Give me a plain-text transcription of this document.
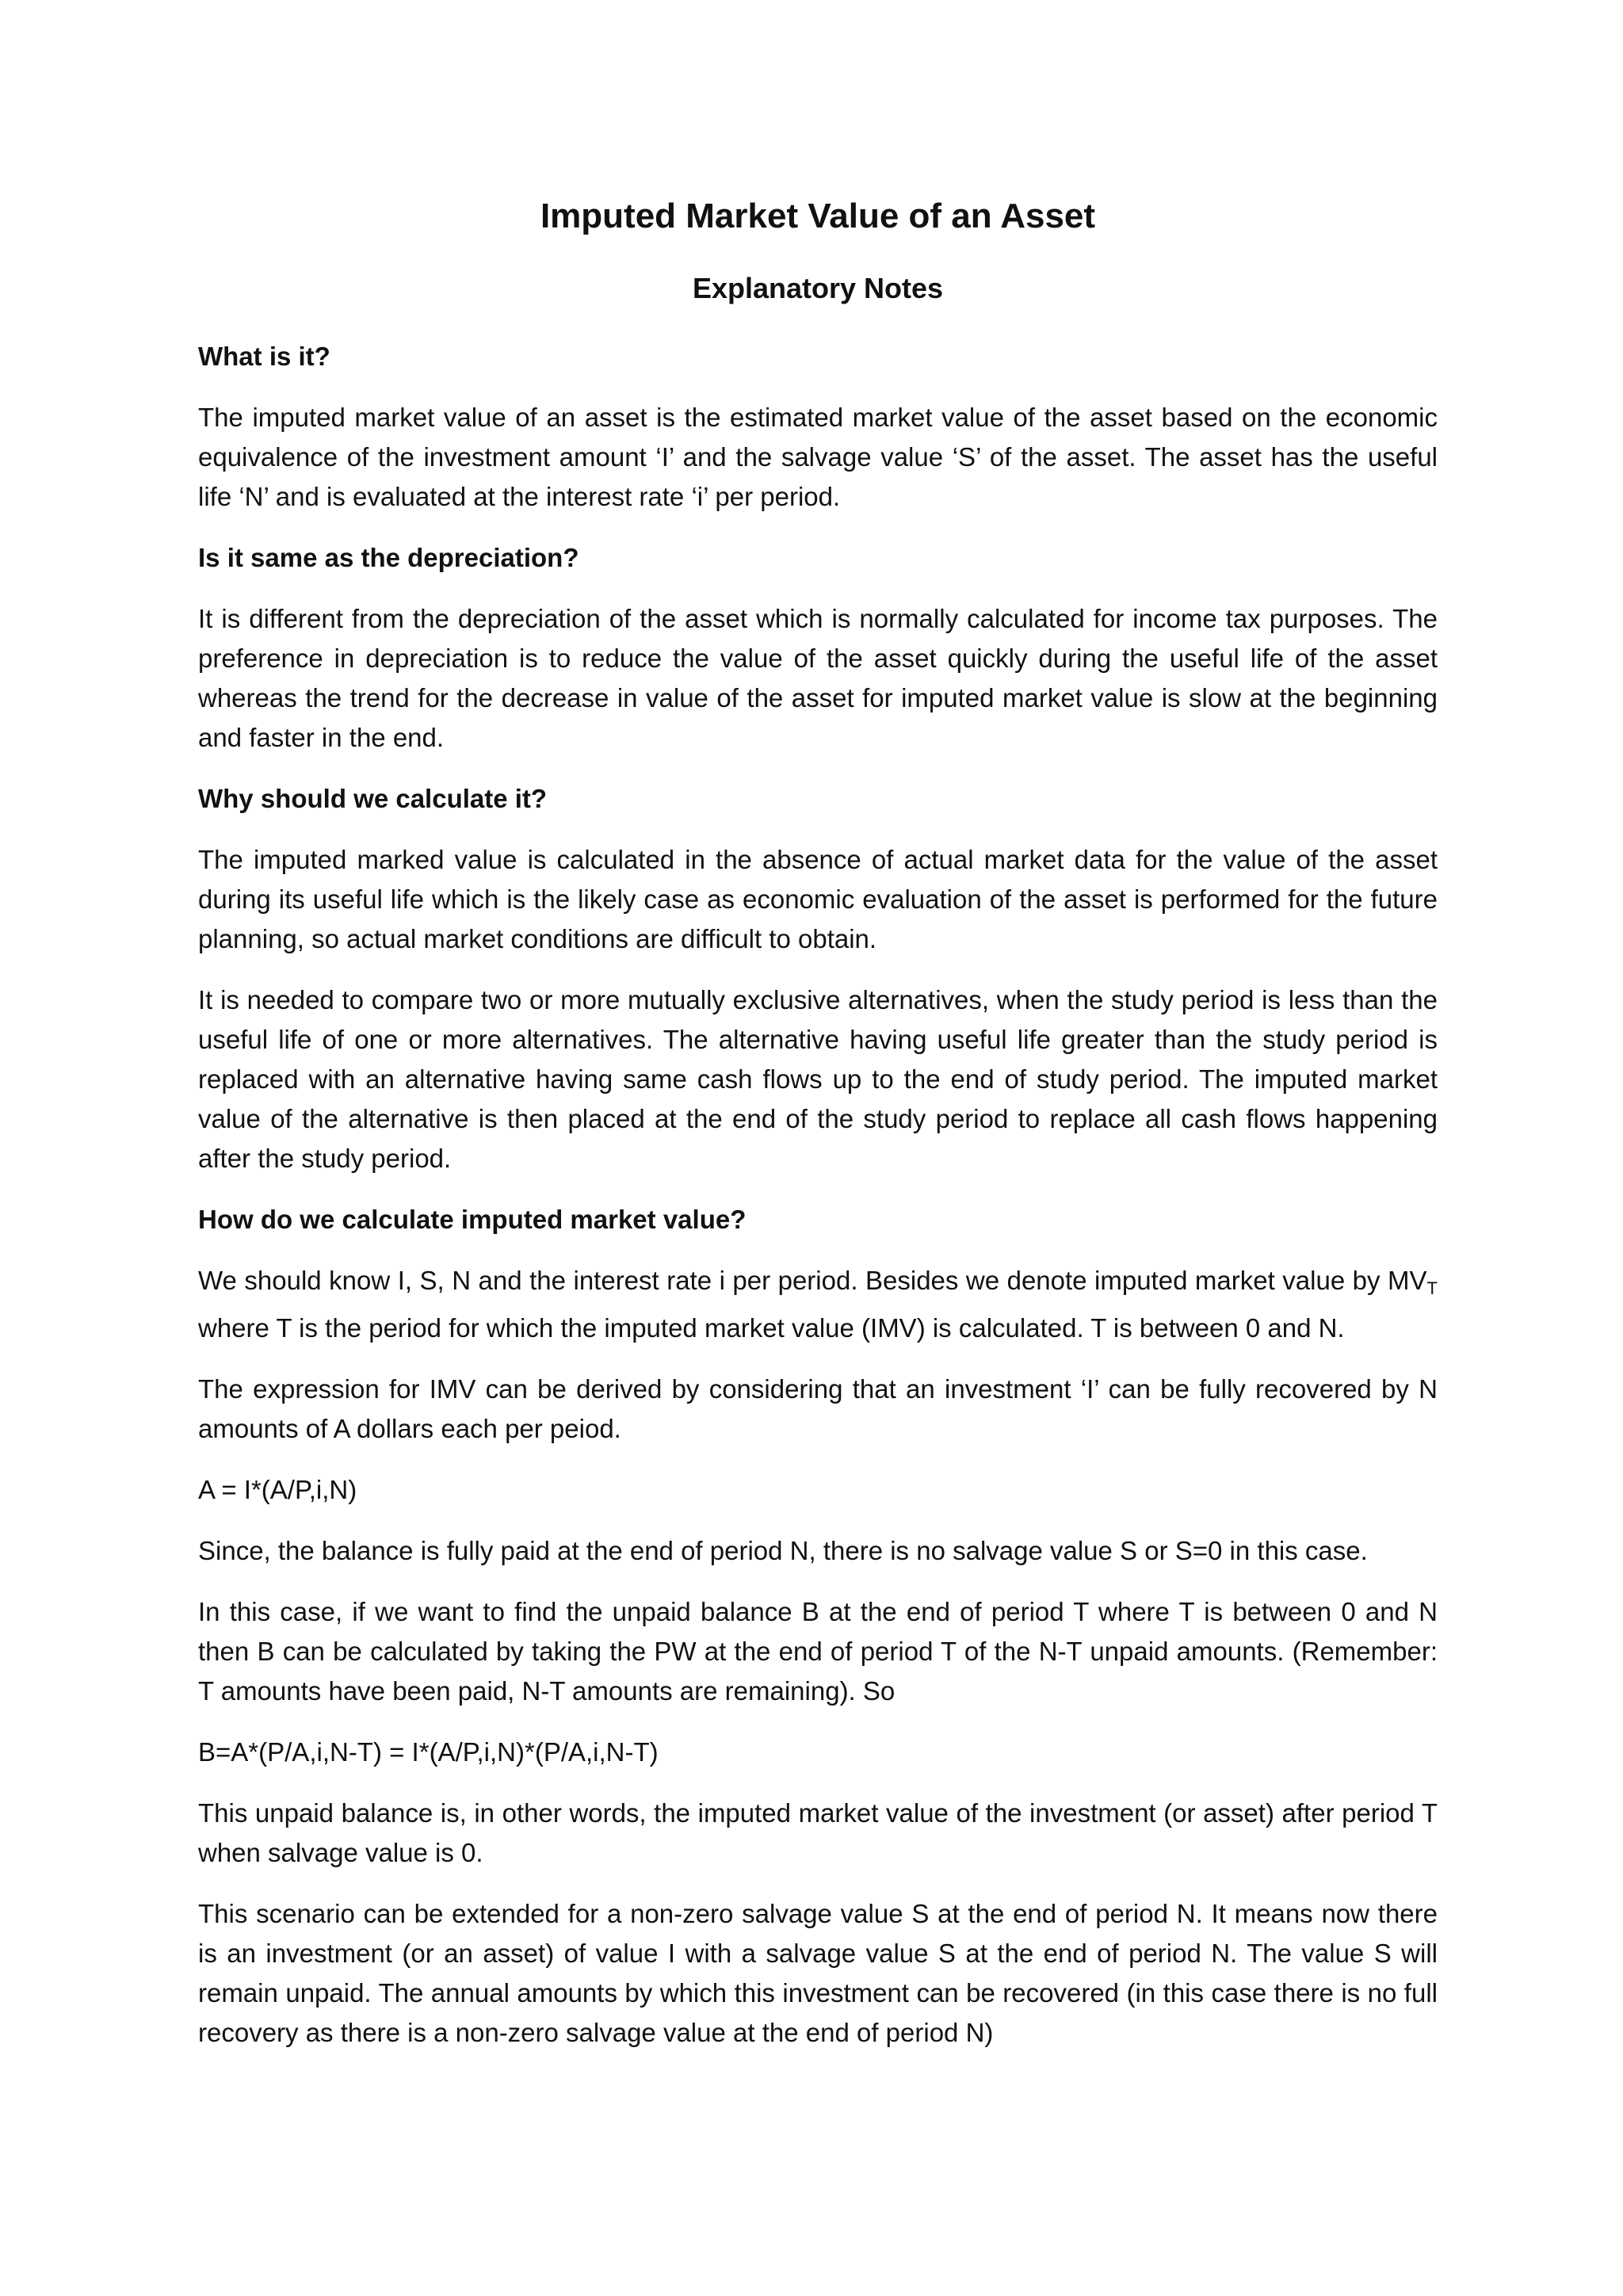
Imputed Market Value of an Asset
Explanatory Notes

What is it?

The imputed market value of an asset is the estimated market value of the asset based on the economic equivalence of the investment amount ‘I’ and the salvage value ‘S’ of the asset. The asset has the useful life ‘N’ and is evaluated at the interest rate ‘i’ per period.

Is it same as the depreciation?

It is different from the depreciation of the asset which is normally calculated for income tax purposes. The preference in depreciation is to reduce the value of the asset quickly during the useful life of the asset whereas the trend for the decrease in value of the asset for imputed market value is slow at the beginning and faster in the end.

Why should we calculate it?

The imputed marked value is calculated in the absence of actual market data for the value of the asset during its useful life which is the likely case as economic evaluation of the asset is performed for the future planning, so actual market conditions are difficult to obtain.

It is needed to compare two or more mutually exclusive alternatives, when the study period is less than the useful life of one or more alternatives. The alternative having useful life greater than the study period is replaced with an alternative having same cash flows up to the end of study period. The imputed market value of the alternative is then placed at the end of the study period to replace all cash flows happening after the study period.

How do we calculate imputed market value?

We should know I, S, N and the interest rate i per period. Besides we denote imputed market value by $MV_T$ where T is the period for which the imputed market value (IMV) is calculated. T is between 0 and N.

The expression for IMV can be derived by considering that an investment ‘I’ can be fully recovered by N amounts of A dollars each per peiod.

A = I*(A/P,i,N)

Since, the balance is fully paid at the end of period N, there is no salvage value S or S=0 in this case.

In this case, if we want to find the unpaid balance B at the end of period T where T is between 0 and N then B can be calculated by taking the PW at the end of period T of the N-T unpaid amounts. (Remember: T amounts have been paid, N-T amounts are remaining). So

B=A*(P/A,i,N-T) = I*(A/P,i,N)*(P/A,i,N-T)

This unpaid balance is, in other words, the imputed market value of the investment (or asset) after period T when salvage value is 0.

This scenario can be extended for a non-zero salvage value S at the end of period N. It means now there is an investment (or an asset) of value I with a salvage value S at the end of period N. The value S will remain unpaid. The annual amounts by which this investment can be recovered (in this case there is no full recovery as there is a non-zero salvage value at the end of period N)
